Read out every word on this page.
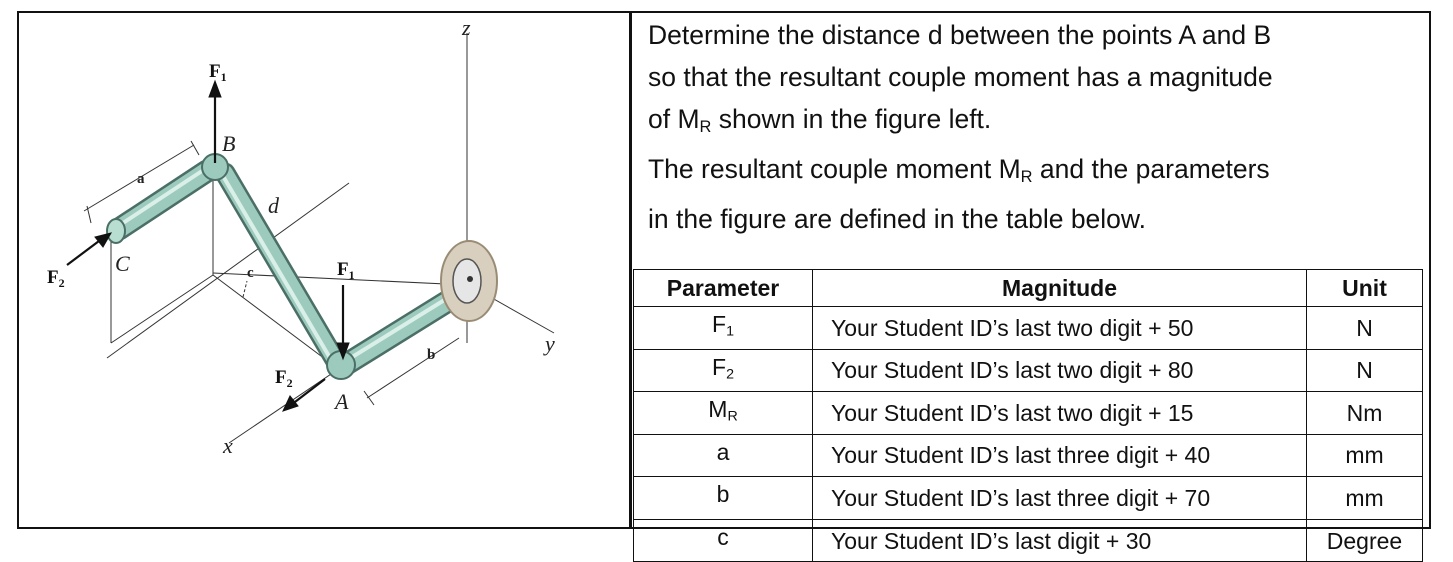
z
x
y
A
B
C
d
a
b
c
$F_1$
$F_1$
$F_2$
$F_2$

Determine the distance d between the points A and B

so that the resultant couple moment has a magnitude

of $M_R$ shown in the figure left.

The resultant couple moment $M_R$ and the parameters

in the figure are defined in the table below.

Parameter	Magnitude	Unit
$F_1$	Your Student ID’s last two digit + 50	N
$F_2$	Your Student ID’s last two digit + 80	N
$M_R$	Your Student ID’s last two digit + 15	Nm
a	Your Student ID’s last three digit + 40	mm
b	Your Student ID’s last three digit + 70	mm
c	Your Student ID’s last digit + 30	Degree
